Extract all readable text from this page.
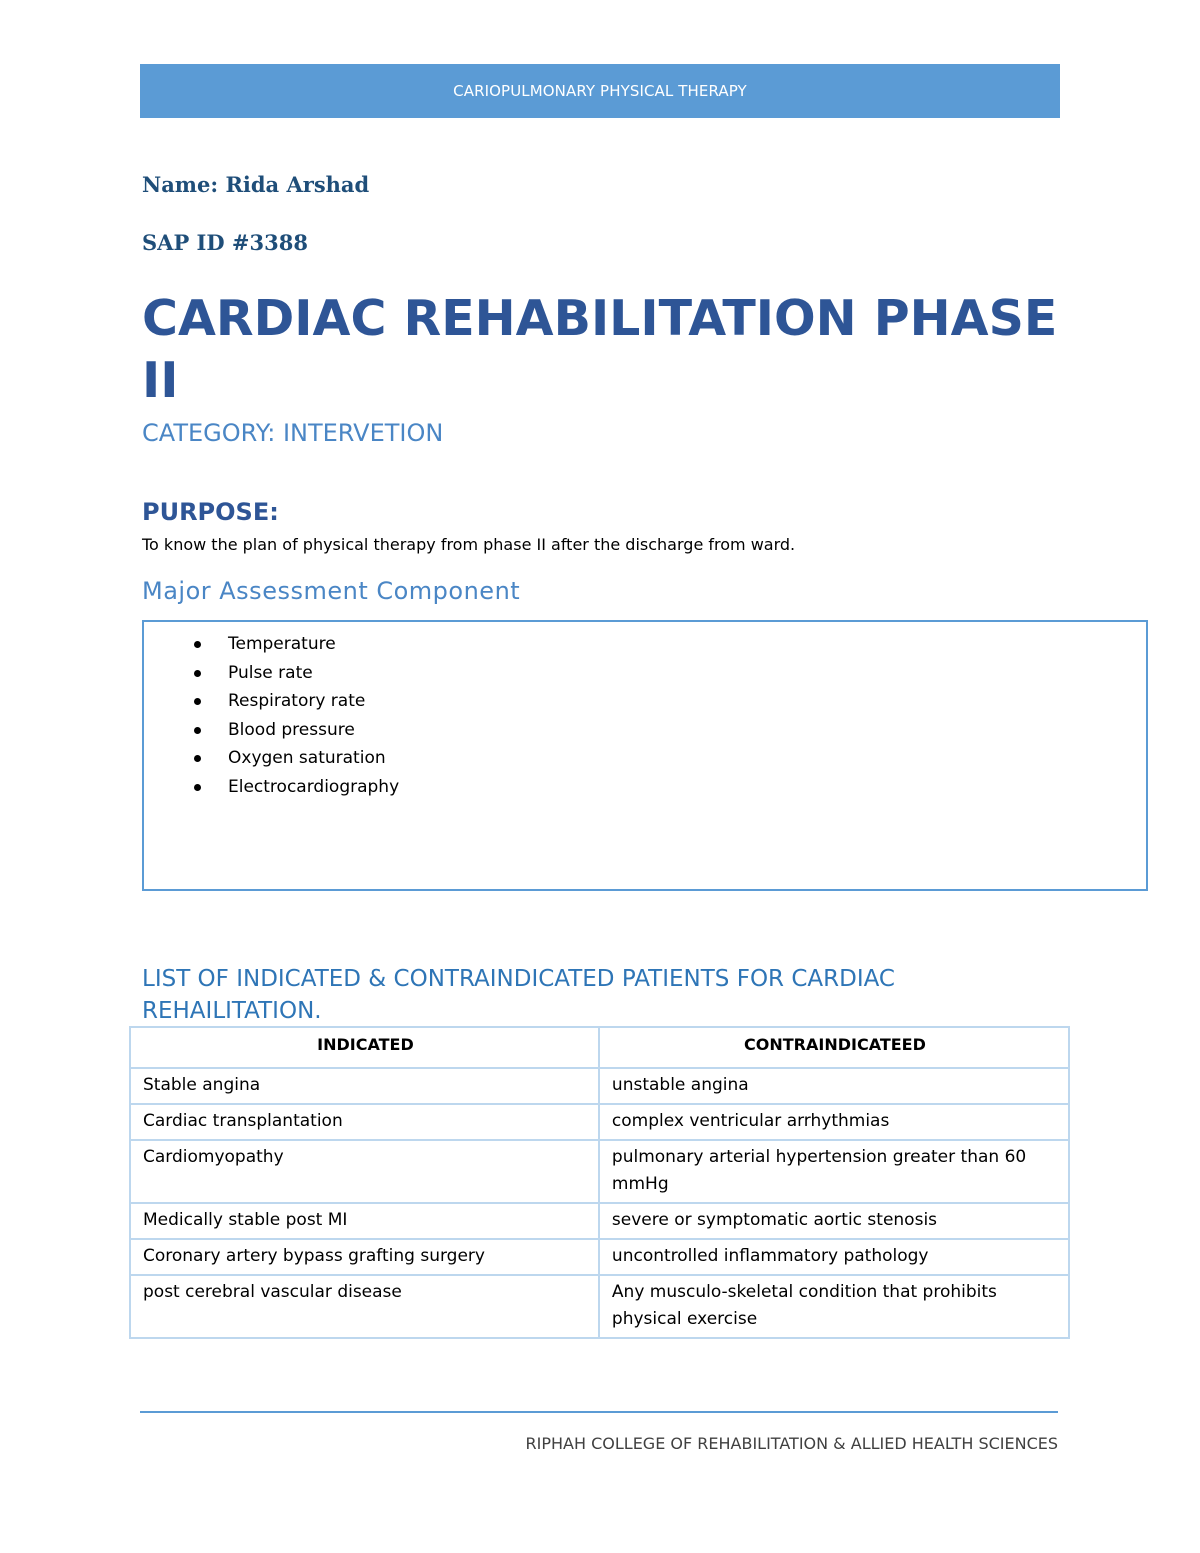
CARIOPULMONARY PHYSICAL THERAPY
Name: Rida Arshad
SAP ID #3388
CARDIAC REHABILITATION PHASE II
CATEGORY: INTERVETION
PURPOSE:
To know the plan of physical therapy from phase II after the discharge from ward.
Major Assessment Component
Temperature
Pulse rate
Respiratory rate
Blood pressure
Oxygen saturation
Electrocardiography
LIST OF INDICATED & CONTRAINDICATED PATIENTS FOR CARDIAC REHAILITATION.
INDICATED	CONTRAINDICATEED
Stable angina	unstable angina
Cardiac transplantation	complex ventricular arrhythmias
Cardiomyopathy	pulmonary arterial hypertension greater than 60 mmHg
Medically stable post MI	severe or symptomatic aortic stenosis
Coronary artery bypass grafting surgery	uncontrolled inflammatory pathology
post cerebral vascular disease	Any musculo-skeletal condition that prohibits physical exercise
RIPHAH COLLEGE OF REHABILITATION & ALLIED HEALTH SCIENCES
